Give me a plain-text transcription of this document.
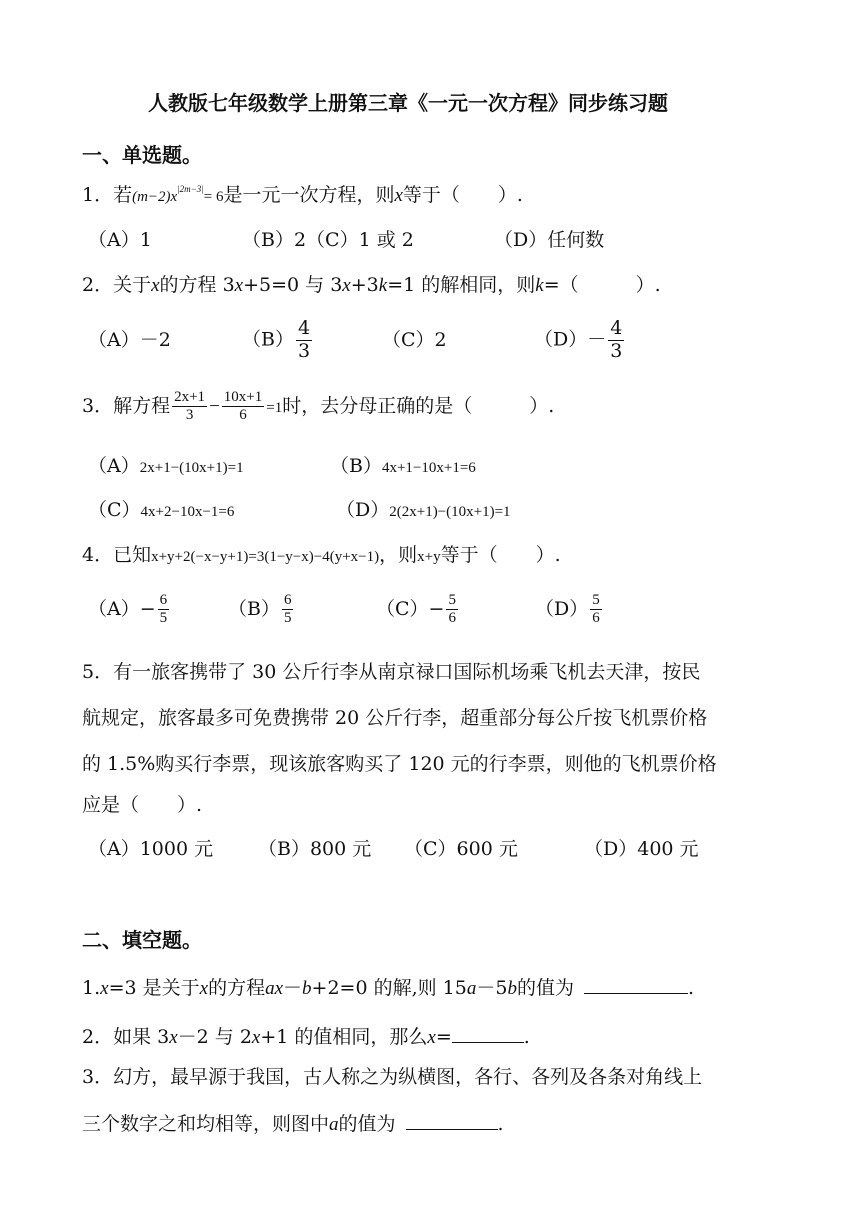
人教版七年级数学上册第三章《一元一次方程》同步练习题
一、单选题。
1．若$(m-2)x^{|2m-3|}= 6$是一元一次方程，则x等于（　　）.
（A）1	（B）2（C）1 或 2	（D）任何数
2．关于x的方程 3x+5=0 与 3x+3k=1 的解相同，则k=（　　　）.
（A）－2	$(B) \frac{4}{3}$	（C）2	$(D)- \frac{4}{3}$
3．解方程 $\frac{2x+1}{3} - \frac{10x+1}{6} =1$时，去分母正确的是（　　　）.
（A）2x+1−(10x+1)=1	（B）4x+1−10x+1=6
（C）4x+2−10x−1=6	（D）2(2x+1)−(10x+1)=1
4．已知x+y+2(−x−y+1)=3(1−y−x)−4(y+x−1)，则x+y等于（　　）.
$(A)- \frac{6}{5}$	$(B) \frac{6}{5}$	$(C)- \frac{5}{6}$	$(D) \frac{5}{6}$
5．有一旅客携带了 30 公斤行李从南京禄口国际机场乘飞机去天津，按民
航规定，旅客最多可免费携带 20 公斤行李，超重部分每公斤按飞机票价格
的 1.5%购买行李票，现该旅客购买了 120 元的行李票，则他的飞机票价格
应是（　　）.
（A）1000 元 （B）800 元 （C）600 元	（D）400 元
二、填空题。
1.x=3 是关于x的方程ax－b+2=0 的解,则 15a－5b的值为	.
2．如果 3x－2 与 2x+1 的值相同，那么x=	.
3．幻方，最早源于我国，古人称之为纵横图，各行、各列及各条对角线上
三个数字之和均相等，则图中a的值为	.
